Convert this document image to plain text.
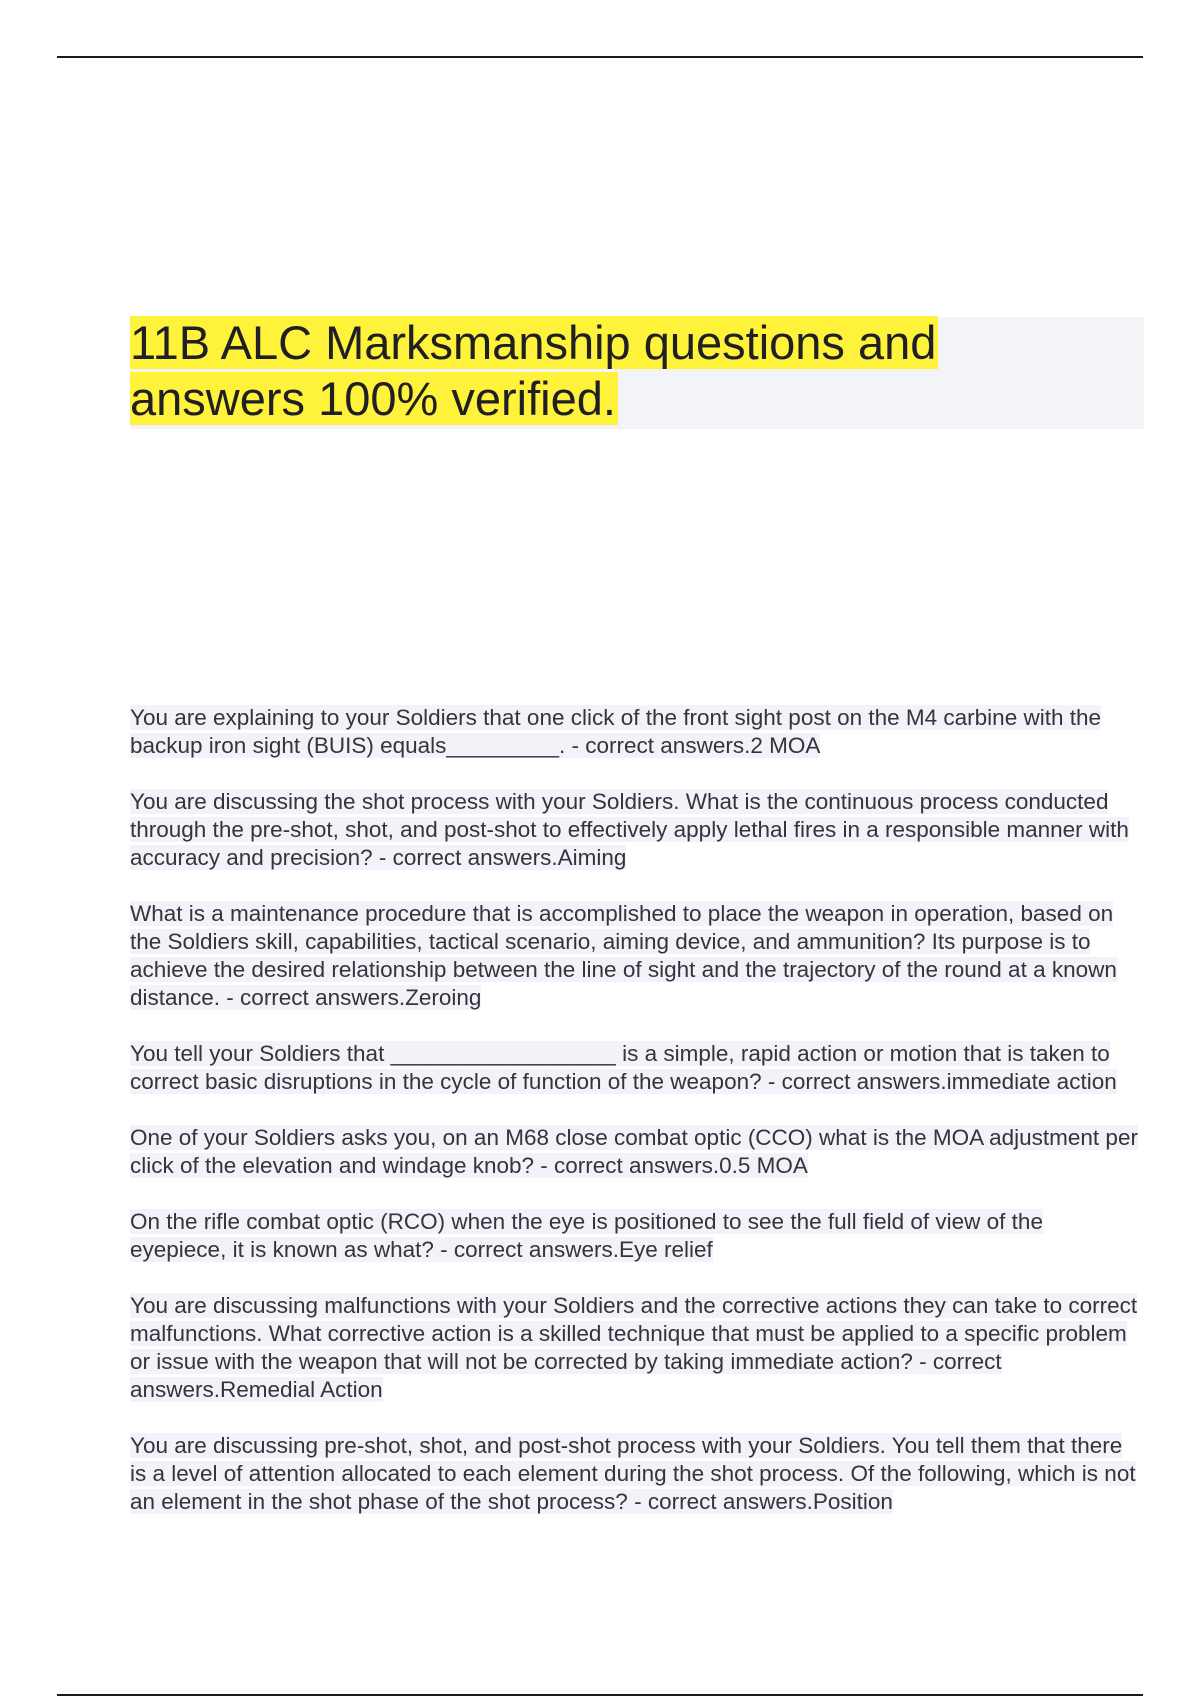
11B ALC Marksmanship questions and answers 100% verified.
You are explaining to your Soldiers that one click of the front sight post on the M4 carbine with the backup iron sight (BUIS) equals_________. - correct answers.2 MOA
You are discussing the shot process with your Soldiers. What is the continuous process conducted through the pre-shot, shot, and post-shot to effectively apply lethal fires in a responsible manner with accuracy and precision? - correct answers.Aiming
What is a maintenance procedure that is accomplished to place the weapon in operation, based on the Soldiers skill, capabilities, tactical scenario, aiming device, and ammunition? Its purpose is to achieve the desired relationship between the line of sight and the trajectory of the round at a known distance. - correct answers.Zeroing
You tell your Soldiers that __________________ is a simple, rapid action or motion that is taken to correct basic disruptions in the cycle of function of the weapon? - correct answers.immediate action
One of your Soldiers asks you, on an M68 close combat optic (CCO) what is the MOA adjustment per click of the elevation and windage knob? - correct answers.0.5 MOA
On the rifle combat optic (RCO) when the eye is positioned to see the full field of view of the eyepiece, it is known as what? - correct answers.Eye relief
You are discussing malfunctions with your Soldiers and the corrective actions they can take to correct malfunctions. What corrective action is a skilled technique that must be applied to a specific problem or issue with the weapon that will not be corrected by taking immediate action? - correct answers.Remedial Action
You are discussing pre-shot, shot, and post-shot process with your Soldiers. You tell them that there is a level of attention allocated to each element during the shot process. Of the following, which is not an element in the shot phase of the shot process? - correct answers.Position
